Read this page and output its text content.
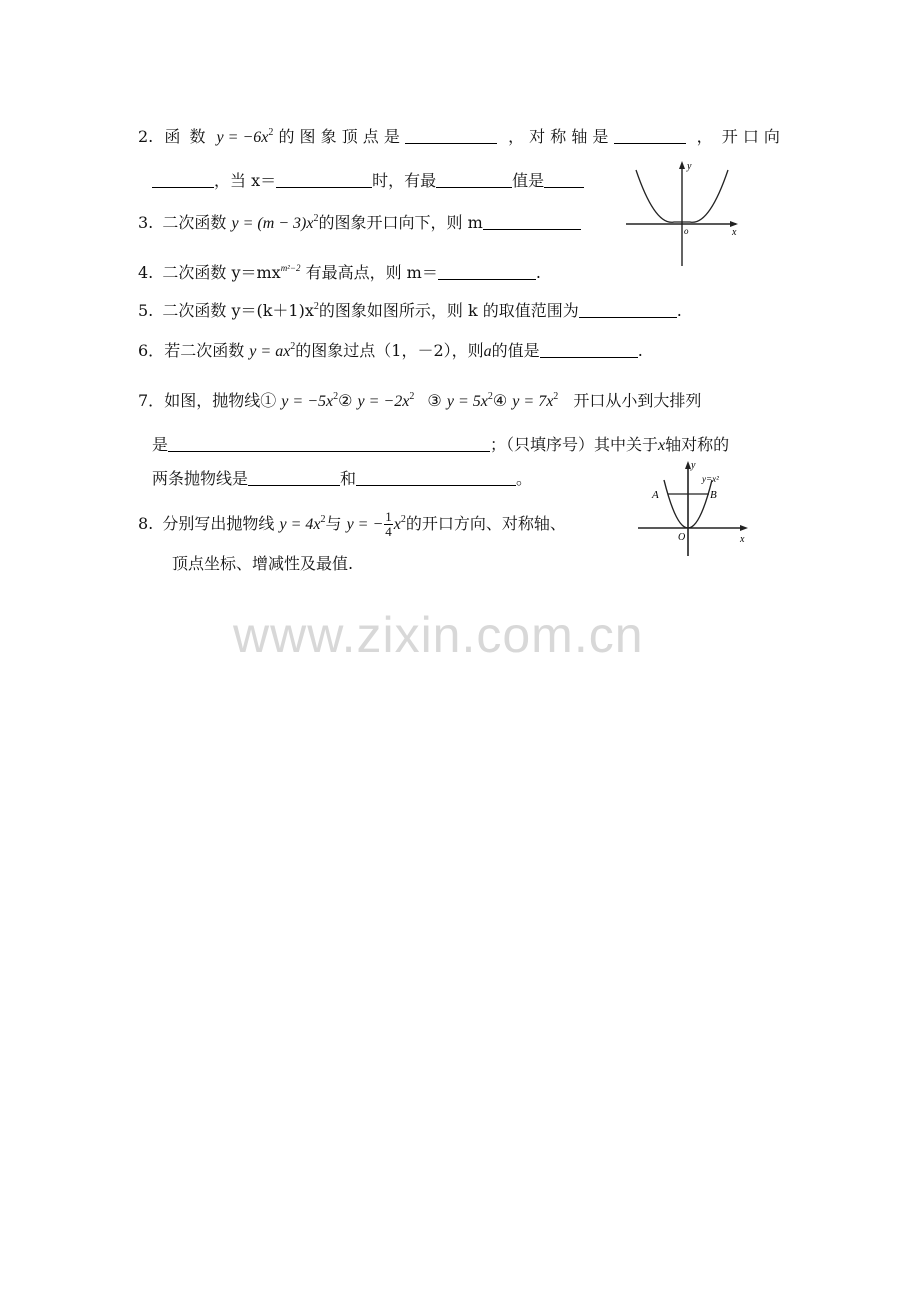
2. 函 数 $y = -6x^2$ 的 图 象 顶 点 是	， 对 称 轴 是	， 开 口 向
，当 x＝	时，有最	值是
3. 二次函数 $y = (m - 3)x^2$的图象开口向下，则 m
4. 二次函数 $y=mx^{m^2-2}$ 有最高点，则 m＝	.
5. 二次函数 $y=(k+1)x^2$的图象如图所示，则 k 的取值范围为	.
6．若二次函数 $y = ax^2$的图象过点（1，－2），则a的值是	.
7．如图，抛物线① $y = -5x^2②$ $y = -2x^2$ ③ $y = 5x^2④$ $y = 7x^2$ 开口从小到大排列
是	；（只填序号）其中关于x轴对称的
两条抛物线是	和	。
8. 分别写出抛物线 $y = 4x^2$与 y = − $\frac{1}{4} x^2$的开口方向、对称轴、
顶点坐标、增减性及最值.
y
x
o
A	B
y=x²
y
x
O
www.zixin.com.cn
